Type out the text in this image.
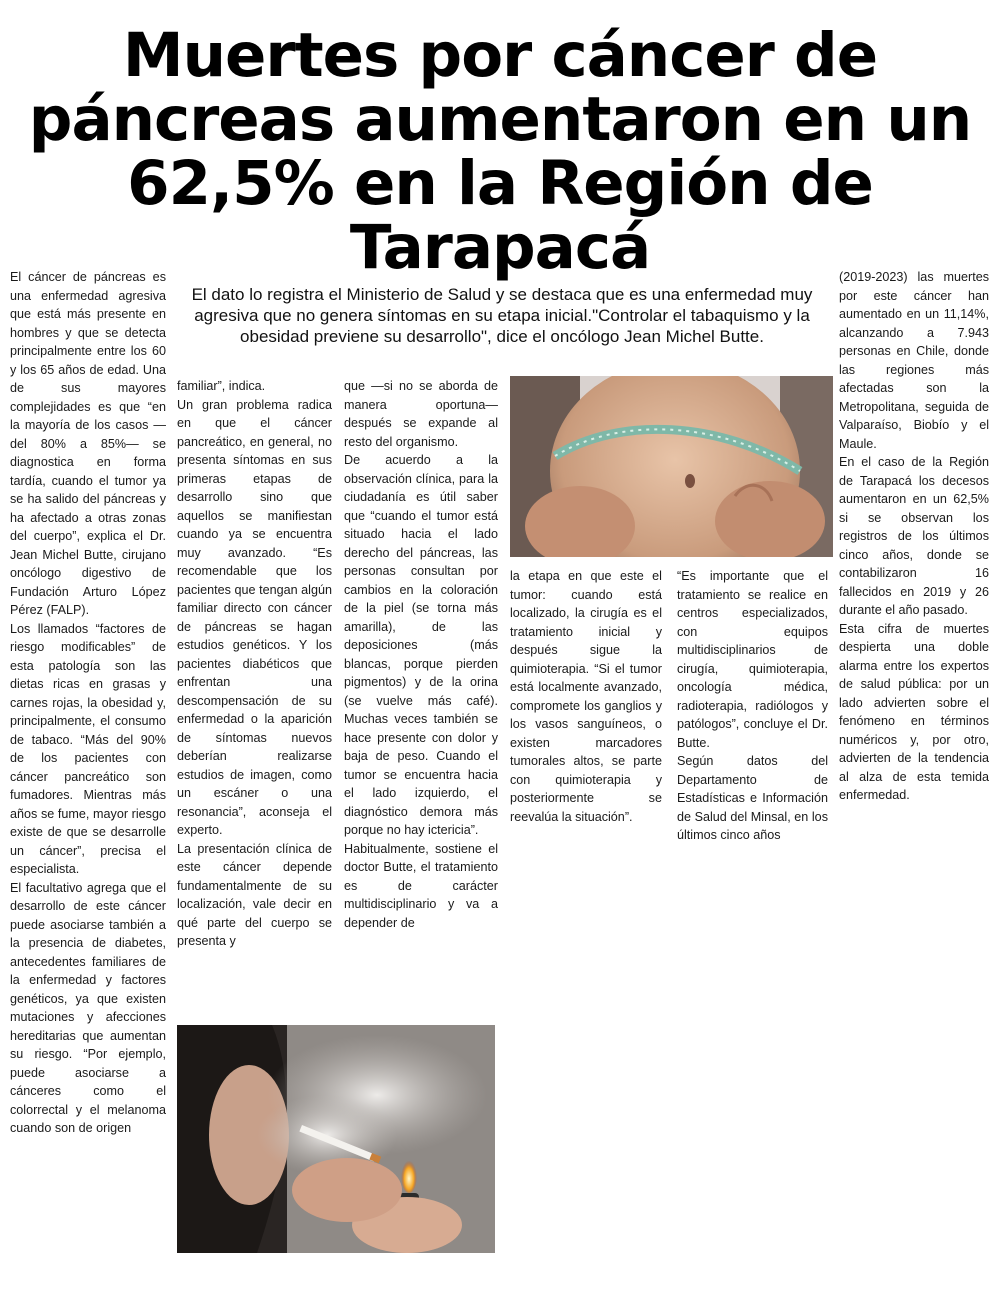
Muertes por cáncer de páncreas aumentaron en un 62,5% en la Región de Tarapacá

El dato lo registra el Ministerio de Salud y se destaca que es una enfermedad muy agresiva que no genera síntomas en su etapa inicial."Controlar el tabaquismo y la obesidad previene su desarrollo", dice el oncólogo Jean Michel Butte.

El cáncer de páncreas es una enfermedad agresiva que está más presente en hombres y que se detecta principalmente entre los 60 y los 65 años de edad. Una de sus mayores complejidades es que “en la mayoría de los casos —del 80% a 85%— se diagnostica en forma tardía, cuando el tumor ya se ha salido del páncreas y ha afectado a otras zonas del cuerpo”, explica el Dr. Jean Michel Butte, cirujano oncólogo digestivo de Fundación Arturo López Pérez (FALP).

Los llamados “factores de riesgo modificables” de esta patología son las dietas ricas en grasas y carnes rojas, la obesidad y, principalmente, el consumo de tabaco. “Más del 90% de los pacientes con cáncer pancreático son fumadores. Mientras más años se fume, mayor riesgo existe de que se desarrolle un cáncer”, precisa el especialista.

El facultativo agrega que el desarrollo de este cáncer puede asociarse también a la presencia de diabetes, antecedentes familiares de la enfermedad y factores genéticos, ya que existen mutaciones y afecciones hereditarias que aumentan su riesgo. “Por ejemplo, puede asociarse a cánceres como el colorrectal y el melanoma cuando son de origen

familiar”, indica.

Un gran problema radica en que el cáncer pancreático, en general, no presenta síntomas en sus primeras etapas de desarrollo sino que aquellos se manifiestan cuando ya se encuentra muy avanzado. “Es recomendable que los pacientes que tengan algún familiar directo con cáncer de páncreas se hagan estudios genéticos. Y los pacientes diabéticos que enfrentan una descompensación de su enfermedad o la aparición de síntomas nuevos deberían realizarse estudios de imagen, como un escáner o una resonancia”, aconseja el experto.

La presentación clínica de este cáncer depende fundamentalmente de su localización, vale decir en qué parte del cuerpo se presenta y

que —si no se aborda de manera oportuna— después se expande al resto del organismo.

De acuerdo a la observación clínica, para la ciudadanía es útil saber que “cuando el tumor está situado hacia el lado derecho del páncreas, las personas consultan por cambios en la coloración de la piel (se torna más amarilla), de las deposiciones (más blancas, porque pierden pigmentos) y de la orina (se vuelve más café). Muchas veces también se hace presente con dolor y baja de peso. Cuando el tumor se encuentra hacia el lado izquierdo, el diagnóstico demora más porque no hay ictericia”.

Habitualmente, sostiene el doctor Butte, el tratamiento es de carácter multidisciplinario y va a depender de

la etapa en que este el tumor: cuando está localizado, la cirugía es el tratamiento inicial y después sigue la quimioterapia. “Si el tumor está localmente avanzado, compromete los ganglios y los vasos sanguíneos, o existen marcadores tumorales altos, se parte con quimioterapia y posteriormente se reevalúa la situación”.

“Es importante que el tratamiento se realice en centros especializados, con equipos multidisciplinarios de cirugía, quimioterapia, oncología médica, radioterapia, radiólogos y patólogos”, concluye el Dr. Butte.

Según datos del Departamento de Estadísticas e Información de Salud del Minsal, en los últimos cinco años

(2019-2023) las muertes por este cáncer han aumentado en un 11,14%, alcanzando a 7.943 personas en Chile, donde las regiones más afectadas son la Metropolitana, seguida de Valparaíso, Biobío y el Maule.

En el caso de la Región de Tarapacá los decesos aumentaron en un 62,5% si se observan los registros de los últimos cinco años, donde se contabilizaron 16 fallecidos en 2019 y 26 durante el año pasado.

Esta cifra de muertes despierta una doble alarma entre los expertos de salud pública: por un lado advierten sobre el fenómeno en términos numéricos y, por otro, advierten de la tendencia al alza de esta temida enfermedad.
